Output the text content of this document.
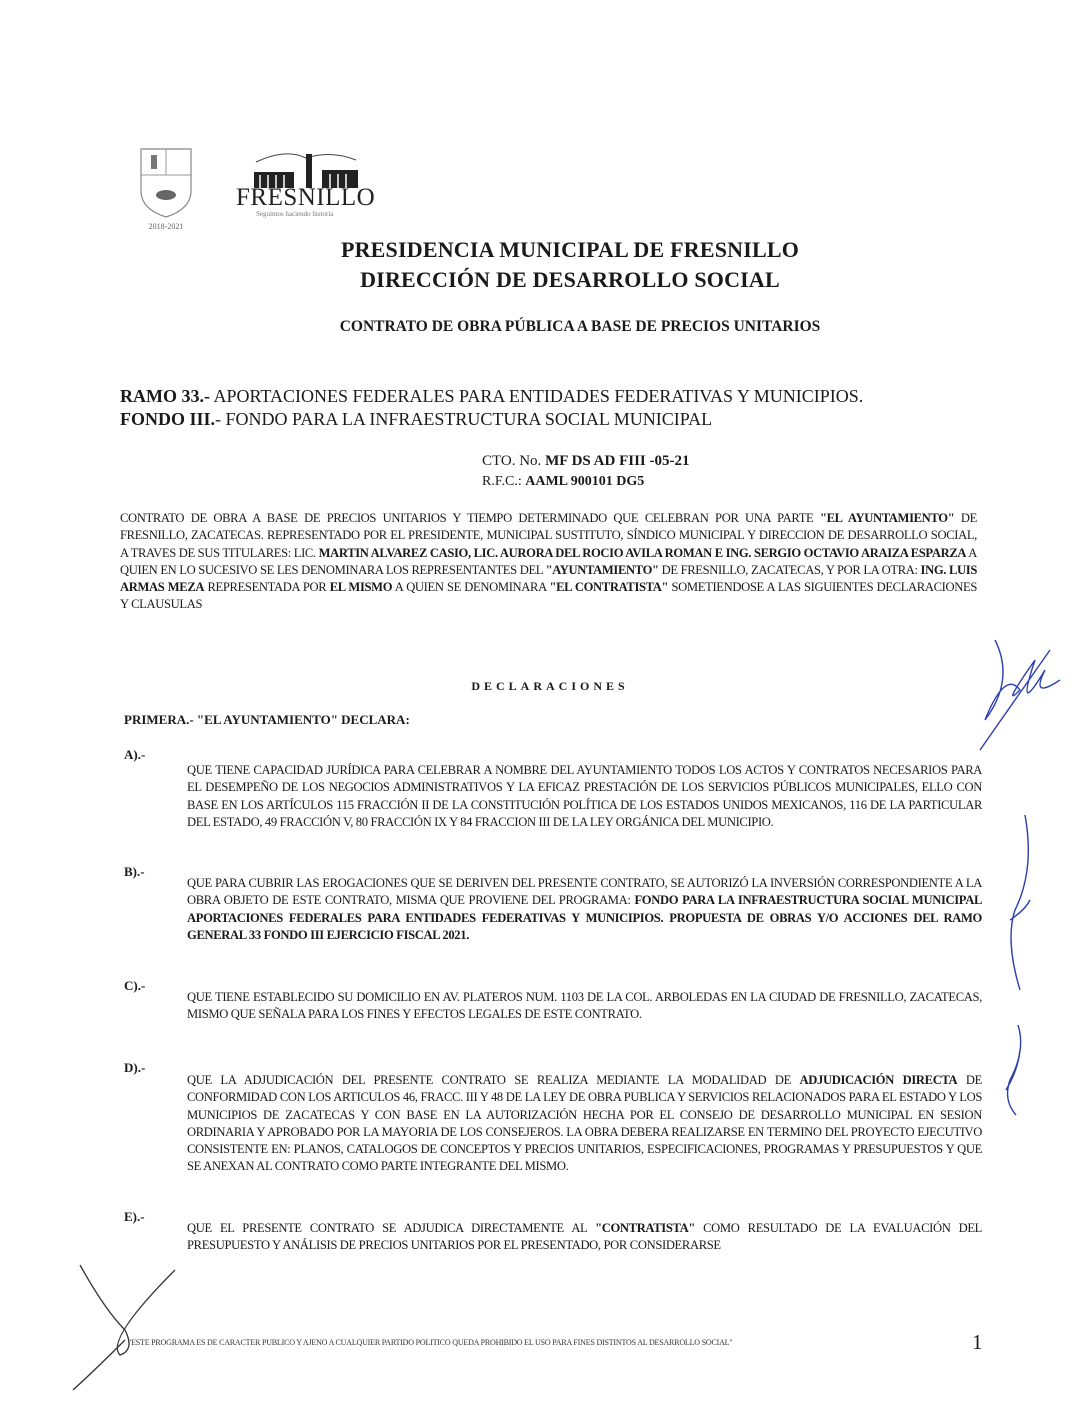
2018-2021
FRESNILLO
Seguimos haciendo historia
PRESIDENCIA MUNICIPAL DE FRESNILLO
DIRECCIÓN DE DESARROLLO SOCIAL
CONTRATO DE OBRA PÚBLICA A BASE DE PRECIOS UNITARIOS
RAMO 33.- APORTACIONES FEDERALES PARA ENTIDADES FEDERATIVAS Y MUNICIPIOS.
FONDO III.- FONDO PARA LA INFRAESTRUCTURA SOCIAL MUNICIPAL
CTO. No. MF DS AD FIII -05-21
R.F.C.: AAML 900101 DG5
CONTRATO DE OBRA A BASE DE PRECIOS UNITARIOS Y TIEMPO DETERMINADO QUE CELEBRAN POR UNA PARTE "EL AYUNTAMIENTO" DE FRESNILLO, ZACATECAS. REPRESENTADO POR EL PRESIDENTE, MUNICIPAL SUSTITUTO, SÍNDICO MUNICIPAL Y DIRECCION DE DESARROLLO SOCIAL, A TRAVES DE SUS TITULARES: LIC. MARTIN ALVAREZ CASIO, LIC. AURORA DEL ROCIO AVILA ROMAN E ING. SERGIO OCTAVIO ARAIZA ESPARZA A QUIEN EN LO SUCESIVO SE LES DENOMINARA LOS REPRESENTANTES DEL "AYUNTAMIENTO" DE FRESNILLO, ZACATECAS, Y POR LA OTRA: ING. LUIS ARMAS MEZA REPRESENTADA POR EL MISMO A QUIEN SE DENOMINARA "EL CONTRATISTA" SOMETIENDOSE A LAS SIGUIENTES DECLARACIONES Y CLAUSULAS
DECLARACIONES
PRIMERA.- "EL AYUNTAMIENTO" DECLARA:
A).-
QUE TIENE CAPACIDAD JURÍDICA PARA CELEBRAR A NOMBRE DEL AYUNTAMIENTO TODOS LOS ACTOS Y CONTRATOS NECESARIOS PARA EL DESEMPEÑO DE LOS NEGOCIOS ADMINISTRATIVOS Y LA EFICAZ PRESTACIÓN DE LOS SERVICIOS PÚBLICOS MUNICIPALES, ELLO CON BASE EN LOS ARTÍCULOS 115 FRACCIÓN II DE LA CONSTITUCIÓN POLÍTICA DE LOS ESTADOS UNIDOS MEXICANOS, 116 DE LA PARTICULAR DEL ESTADO, 49 FRACCIÓN V, 80 FRACCIÓN IX Y 84 FRACCION III DE LA LEY ORGÁNICA DEL MUNICIPIO.
B).-
QUE PARA CUBRIR LAS EROGACIONES QUE SE DERIVEN DEL PRESENTE CONTRATO, SE AUTORIZÓ LA INVERSIÓN CORRESPONDIENTE A LA OBRA OBJETO DE ESTE CONTRATO, MISMA QUE PROVIENE DEL PROGRAMA: FONDO PARA LA INFRAESTRUCTURA SOCIAL MUNICIPAL APORTACIONES FEDERALES PARA ENTIDADES FEDERATIVAS Y MUNICIPIOS. PROPUESTA DE OBRAS Y/O ACCIONES DEL RAMO GENERAL 33 FONDO III EJERCICIO FISCAL 2021.
C).-
QUE TIENE ESTABLECIDO SU DOMICILIO EN AV. PLATEROS NUM. 1103 DE LA COL. ARBOLEDAS EN LA CIUDAD DE FRESNILLO, ZACATECAS, MISMO QUE SEÑALA PARA LOS FINES Y EFECTOS LEGALES DE ESTE CONTRATO.
D).-
QUE LA ADJUDICACIÓN DEL PRESENTE CONTRATO SE REALIZA MEDIANTE LA MODALIDAD DE ADJUDICACIÓN DIRECTA DE CONFORMIDAD CON LOS ARTICULOS 46, FRACC. III Y 48 DE LA LEY DE OBRA PUBLICA Y SERVICIOS RELACIONADOS PARA EL ESTADO Y LOS MUNICIPIOS DE ZACATECAS Y CON BASE EN LA AUTORIZACIÓN HECHA POR EL CONSEJO DE DESARROLLO MUNICIPAL EN SESION ORDINARIA Y APROBADO POR LA MAYORIA DE LOS CONSEJEROS. LA OBRA DEBERA REALIZARSE EN TERMINO DEL PROYECTO EJECUTIVO CONSISTENTE EN: PLANOS, CATALOGOS DE CONCEPTOS Y PRECIOS UNITARIOS, ESPECIFICACIONES, PROGRAMAS Y PRESUPUESTOS Y QUE SE ANEXAN AL CONTRATO COMO PARTE INTEGRANTE DEL MISMO.
E).-
QUE EL PRESENTE CONTRATO SE ADJUDICA DIRECTAMENTE AL "CONTRATISTA" COMO RESULTADO DE LA EVALUACIÓN DEL PRESUPUESTO Y ANÁLISIS DE PRECIOS UNITARIOS POR EL PRESENTADO, POR CONSIDERARSE
"ESTE PROGRAMA ES DE CARACTER PUBLICO Y AJENO A CUALQUIER PARTIDO POLITICO QUEDA PROHIBIDO EL USO PARA FINES DISTINTOS AL DESARROLLO SOCIAL"	1
